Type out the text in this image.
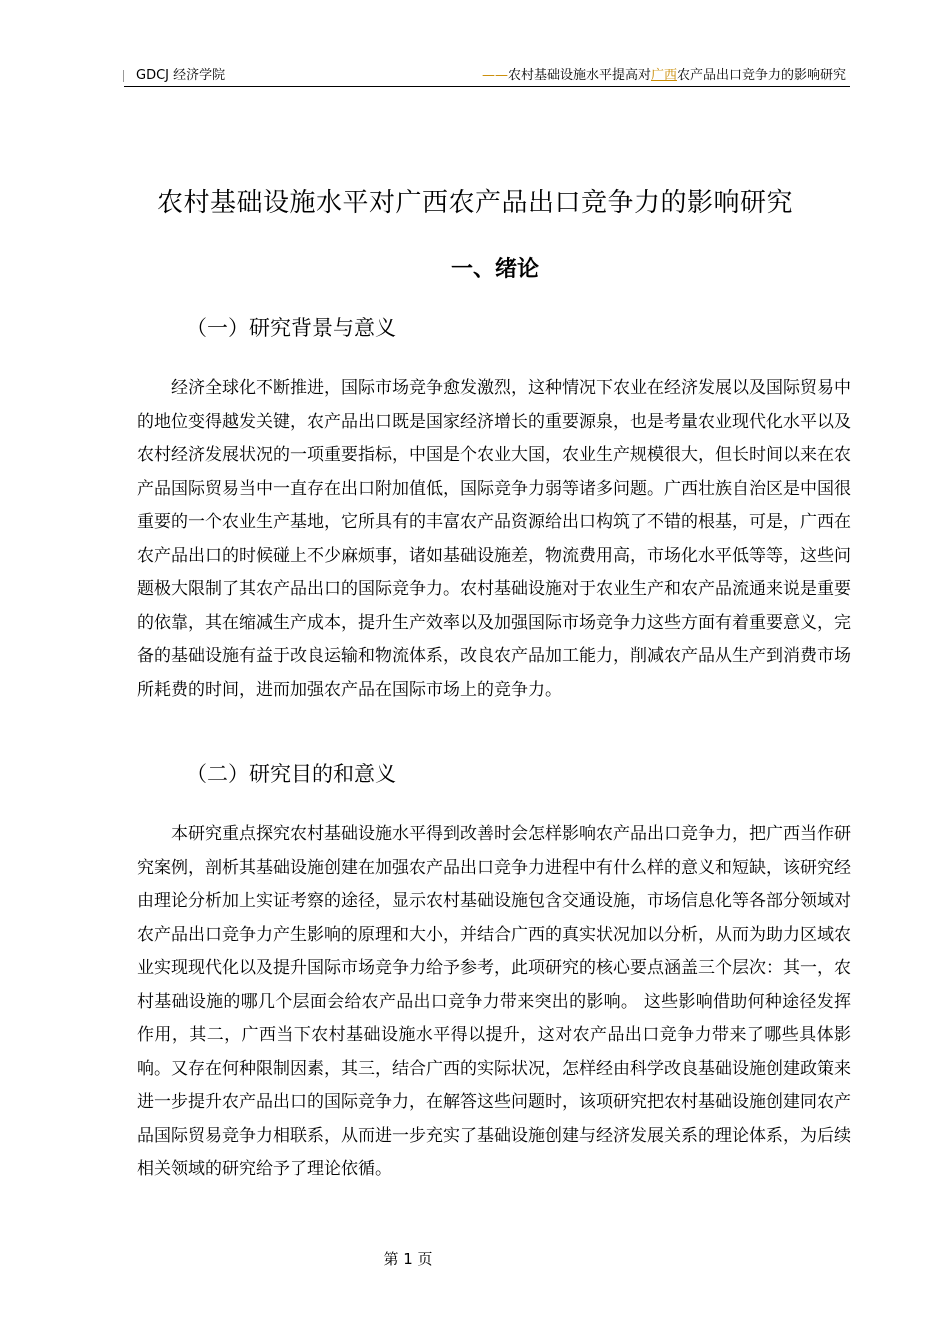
GDCJ 经济学院	——农村基础设施水平提高对广西农产品出口竞争力的影响研究
农村基础设施水平对广西农产品出口竞争力的影响研究
一、绪论
（一）研究背景与意义

经济全球化不断推进，国际市场竞争愈发激烈，这种情况下农业在经济发展以及国际贸易中的地位变得越发关键，农产品出口既是国家经济增长的重要源泉，也是考量农业现代化水平以及农村经济发展状况的一项重要指标，中国是个农业大国，农业生产规模很大，但长时间以来在农产品国际贸易当中一直存在出口附加值低，国际竞争力弱等诸多问题。广西壮族自治区是中国很重要的一个农业生产基地，它所具有的丰富农产品资源给出口构筑了不错的根基，可是，广西在农产品出口的时候碰上不少麻烦事，诸如基础设施差，物流费用高，市场化水平低等等，这些问题极大限制了其农产品出口的国际竞争力。农村基础设施对于农业生产和农产品流通来说是重要的依靠，其在缩减生产成本，提升生产效率以及加强国际市场竞争力这些方面有着重要意义，完备的基础设施有益于改良运输和物流体系，改良农产品加工能力，削减农产品从生产到消费市场所耗费的时间，进而加强农产品在国际市场上的竞争力。

（二）研究目的和意义

本研究重点探究农村基础设施水平得到改善时会怎样影响农产品出口竞争力，把广西当作研究案例，剖析其基础设施创建在加强农产品出口竞争力进程中有什么样的意义和短缺，该研究经由理论分析加上实证考察的途径，显示农村基础设施包含交通设施，市场信息化等各部分领域对农产品出口竞争力产生影响的原理和大小，并结合广西的真实状况加以分析，从而为助力区域农业实现现代化以及提升国际市场竞争力给予参考，此项研究的核心要点涵盖三个层次：其一，农村基础设施的哪几个层面会给农产品出口竞争力带来突出的影响。 这些影响借助何种途径发挥作用，其二，广西当下农村基础设施水平得以提升，这对农产品出口竞争力带来了哪些具体影响。又存在何种限制因素，其三，结合广西的实际状况，怎样经由科学改良基础设施创建政策来进一步提升农产品出口的国际竞争力，在解答这些问题时，该项研究把农村基础设施创建同农产品国际贸易竞争力相联系，从而进一步充实了基础设施创建与经济发展关系的理论体系，为后续相关领域的研究给予了理论依循。

第 1 页
